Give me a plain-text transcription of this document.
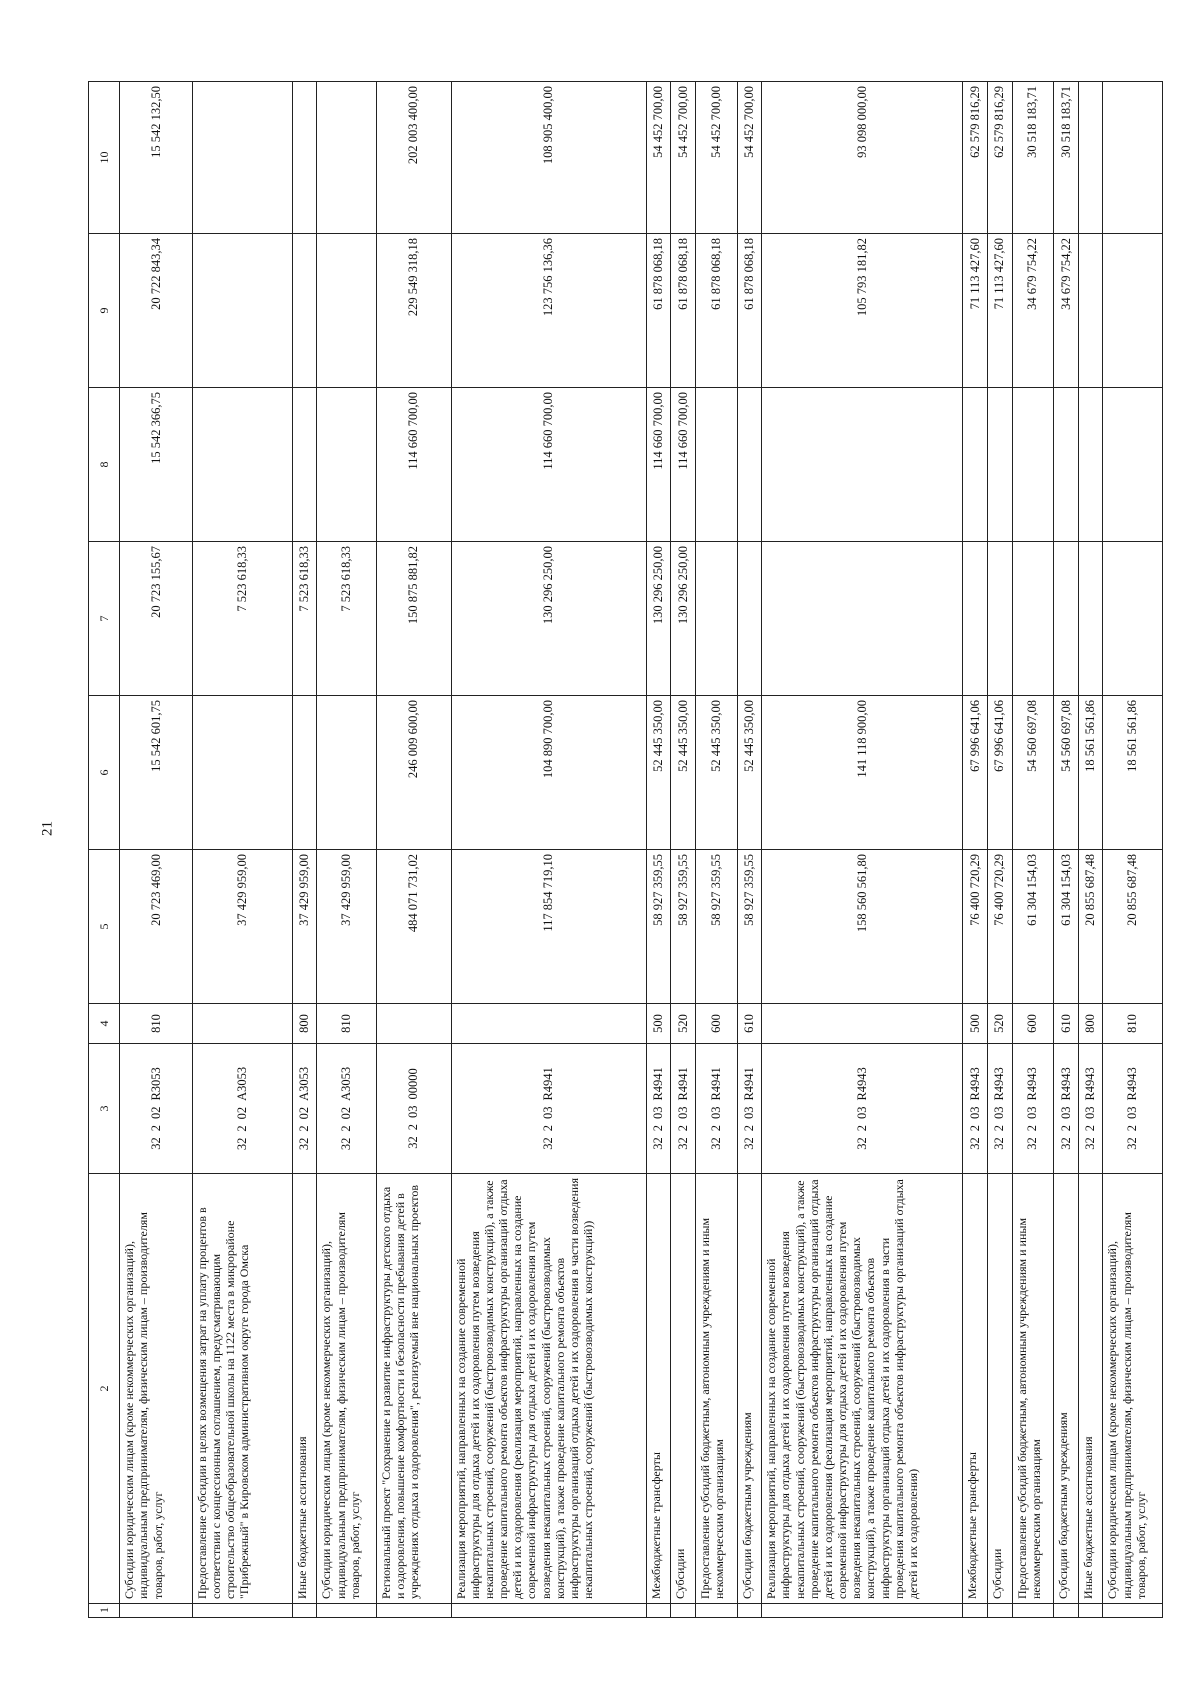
21
1	2	3	4	5	6	7	8	9	10
	Субсидии юридическим лицам (кроме некоммерческих организаций), индивидуальным предпринимателям, физическим лицам – производителям товаров, работ, услуг	32202R3053	810	20 723 469,00	15 542 601,75	20 723 155,67	15 542 366,75	20 722 843,34	15 542 132,50
	Предоставление субсидии в целях возмещения затрат на уплату процентов в соответствии с концессионным соглашением, предусматривающим строительство общеобразовательной школы на 1122 места в микрорайоне "Прибрежный" в Кировском административном округе города Омска	32202А3053		37 429 959,00		7 523 618,33			
	Иные бюджетные ассигнования	32202А3053	800	37 429 959,00		7 523 618,33			
	Субсидии юридическим лицам (кроме некоммерческих организаций), индивидуальным предпринимателям, физическим лицам – производителям товаров, работ, услуг	32202А3053	810	37 429 959,00		7 523 618,33			
	Региональный проект "Сохранение и развитие инфраструктуры детского отдыха и оздоровления, повышение комфортности и безопасности пребывания детей в учреждениях отдыха и оздоровления", реализуемый вне национальных проектов	3220300000		484 071 731,02	246 009 600,00	150 875 881,82	114 660 700,00	229 549 318,18	202 003 400,00
	Реализация мероприятий, направленных на создание современной инфраструктуры для отдыха детей и их оздоровления путем возведения некапитальных строений, сооружений (быстровозводимых конструкций), а также проведение капитального ремонта объектов инфраструктуры организаций отдыха детей и их оздоровления (реализация мероприятий, направленных на создание современной инфраструктуры для отдыха детей и их оздоровления путем возведения некапитальных строений, сооружений (быстровозводимых конструкций), а также проведение капитального ремонта объектов инфраструктуры организаций отдыха детей и их оздоровления в части возведения некапитальных строений, сооружений (быстровозводимых конструкций))	32203R4941		117 854 719,10	104 890 700,00	130 296 250,00	114 660 700,00	123 756 136,36	108 905 400,00
	Межбюджетные трансферты	32203R4941	500	58 927 359,55	52 445 350,00	130 296 250,00	114 660 700,00	61 878 068,18	54 452 700,00
	Субсидии	32203R4941	520	58 927 359,55	52 445 350,00	130 296 250,00	114 660 700,00	61 878 068,18	54 452 700,00
	Предоставление субсидий бюджетным, автономным учреждениям и иным некоммерческим организациям	32203R4941	600	58 927 359,55	52 445 350,00			61 878 068,18	54 452 700,00
	Субсидии бюджетным учреждениям	32203R4941	610	58 927 359,55	52 445 350,00			61 878 068,18	54 452 700,00
	Реализация мероприятий, направленных на создание современной инфраструктуры для отдыха детей и их оздоровления путем возведения некапитальных строений, сооружений (быстровозводимых конструкций), а также проведение капитального ремонта объектов инфраструктуры организаций отдыха детей и их оздоровления (реализация мероприятий, направленных на создание современной инфраструктуры для отдыха детей и их оздоровления путем возведения некапитальных строений, сооружений (быстровозводимых конструкций), а также проведение капитального ремонта объектов инфраструктуры организаций отдыха детей и их оздоровления в части проведения капитального ремонта объектов инфраструктуры организаций отдыха детей и их оздоровления)	32203R4943		158 560 561,80	141 118 900,00			105 793 181,82	93 098 000,00
	Межбюджетные трансферты	32203R4943	500	76 400 720,29	67 996 641,06			71 113 427,60	62 579 816,29
	Субсидии	32203R4943	520	76 400 720,29	67 996 641,06			71 113 427,60	62 579 816,29
	Предоставление субсидий бюджетным, автономным учреждениям и иным некоммерческим организациям	32203R4943	600	61 304 154,03	54 560 697,08			34 679 754,22	30 518 183,71
	Субсидии бюджетным учреждениям	32203R4943	610	61 304 154,03	54 560 697,08			34 679 754,22	30 518 183,71
	Иные бюджетные ассигнования	32203R4943	800	20 855 687,48	18 561 561,86				
	Субсидии юридическим лицам (кроме некоммерческих организаций), индивидуальным предпринимателям, физическим лицам – производителям товаров, работ, услуг	32203R4943	810	20 855 687,48	18 561 561,86				
